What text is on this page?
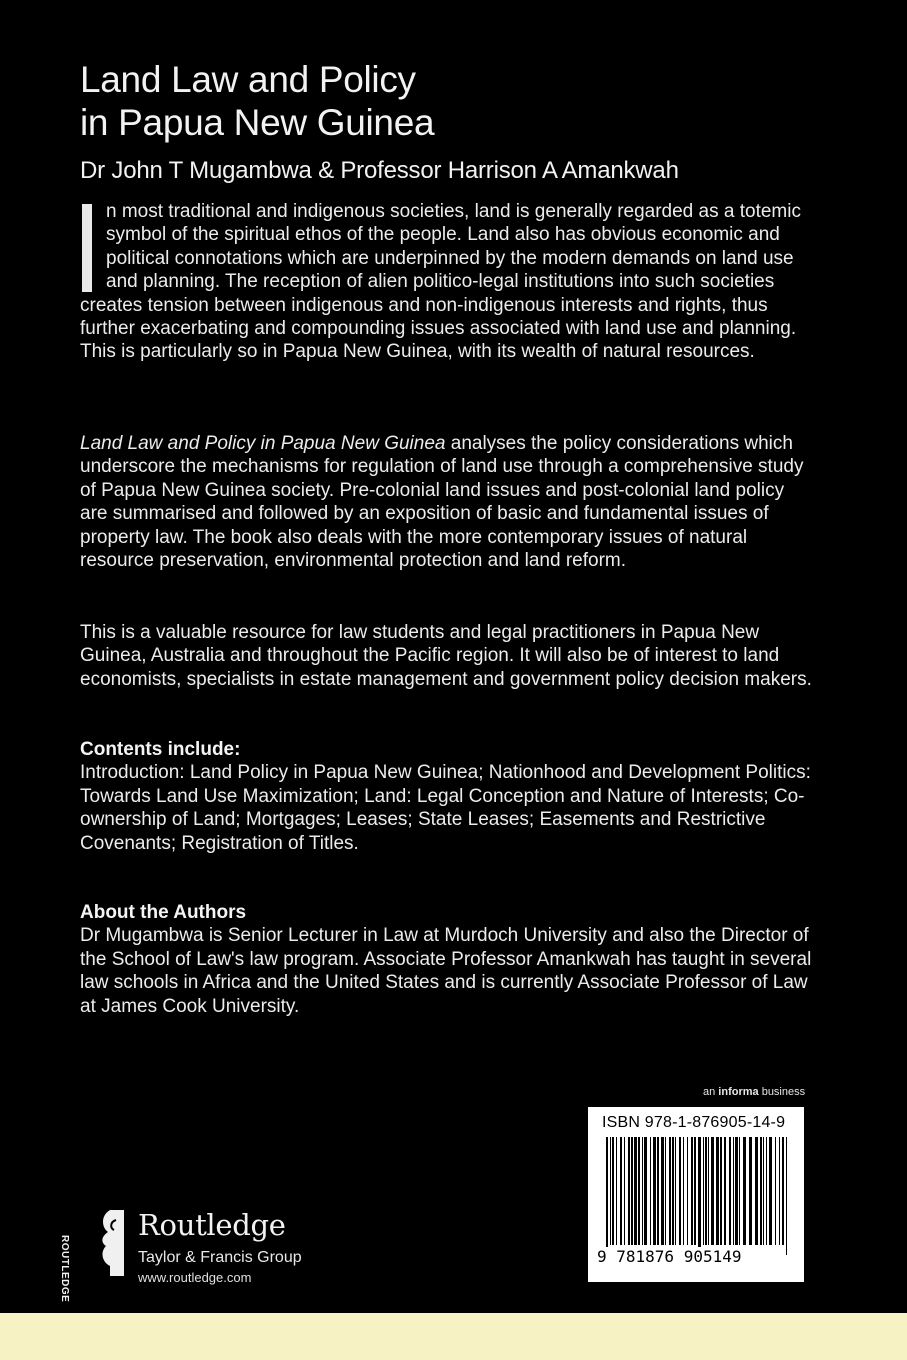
Land Law and Policy
in Papua New Guinea
Dr John T Mugambwa & Professor Harrison A Amankwah

n most traditional and indigenous societies, land is generally regarded as a totemic symbol of the spiritual ethos of the people. Land also has obvious economic and political connotations which are underpinned by the modern demands on land use and planning. The reception of alien politico-legal institutions into such societies creates tension between indigenous and non-indigenous interests and rights, thus further exacerbating and compounding issues associated with land use and planning. This is particularly so in Papua New Guinea, with its wealth of natural resources.

Land Law and Policy in Papua New Guinea analyses the policy considerations which underscore the mechanisms for regulation of land use through a comprehensive study of Papua New Guinea society. Pre-colonial land issues and post-colonial land policy are summarised and followed by an exposition of basic and fundamental issues of property law. The book also deals with the more contemporary issues of natural resource preservation, environmental protection and land reform.

This is a valuable resource for law students and legal practitioners in Papua New Guinea, Australia and throughout the Pacific region. It will also be of interest to land economists, specialists in estate management and government policy decision makers.

Contents include:
Introduction: Land Policy in Papua New Guinea; Nationhood and Development Politics: Towards Land Use Maximization; Land: Legal Conception and Nature of Interests; Co-ownership of Land; Mortgages; Leases; State Leases; Easements and Restrictive Covenants; Registration of Titles.
About the Authors
Dr Mugambwa is Senior Lecturer in Law at Murdoch University and also the Director of the School of Law's law program. Associate Professor Amankwah has taught in several law schools in Africa and the United States and is currently Associate Professor of Law at James Cook University.
an informa business
ISBN 978-1-876905-14-9
9 781876 905149
ROUTLEDGE
Routledge
Taylor & Francis Group
www.routledge.com
